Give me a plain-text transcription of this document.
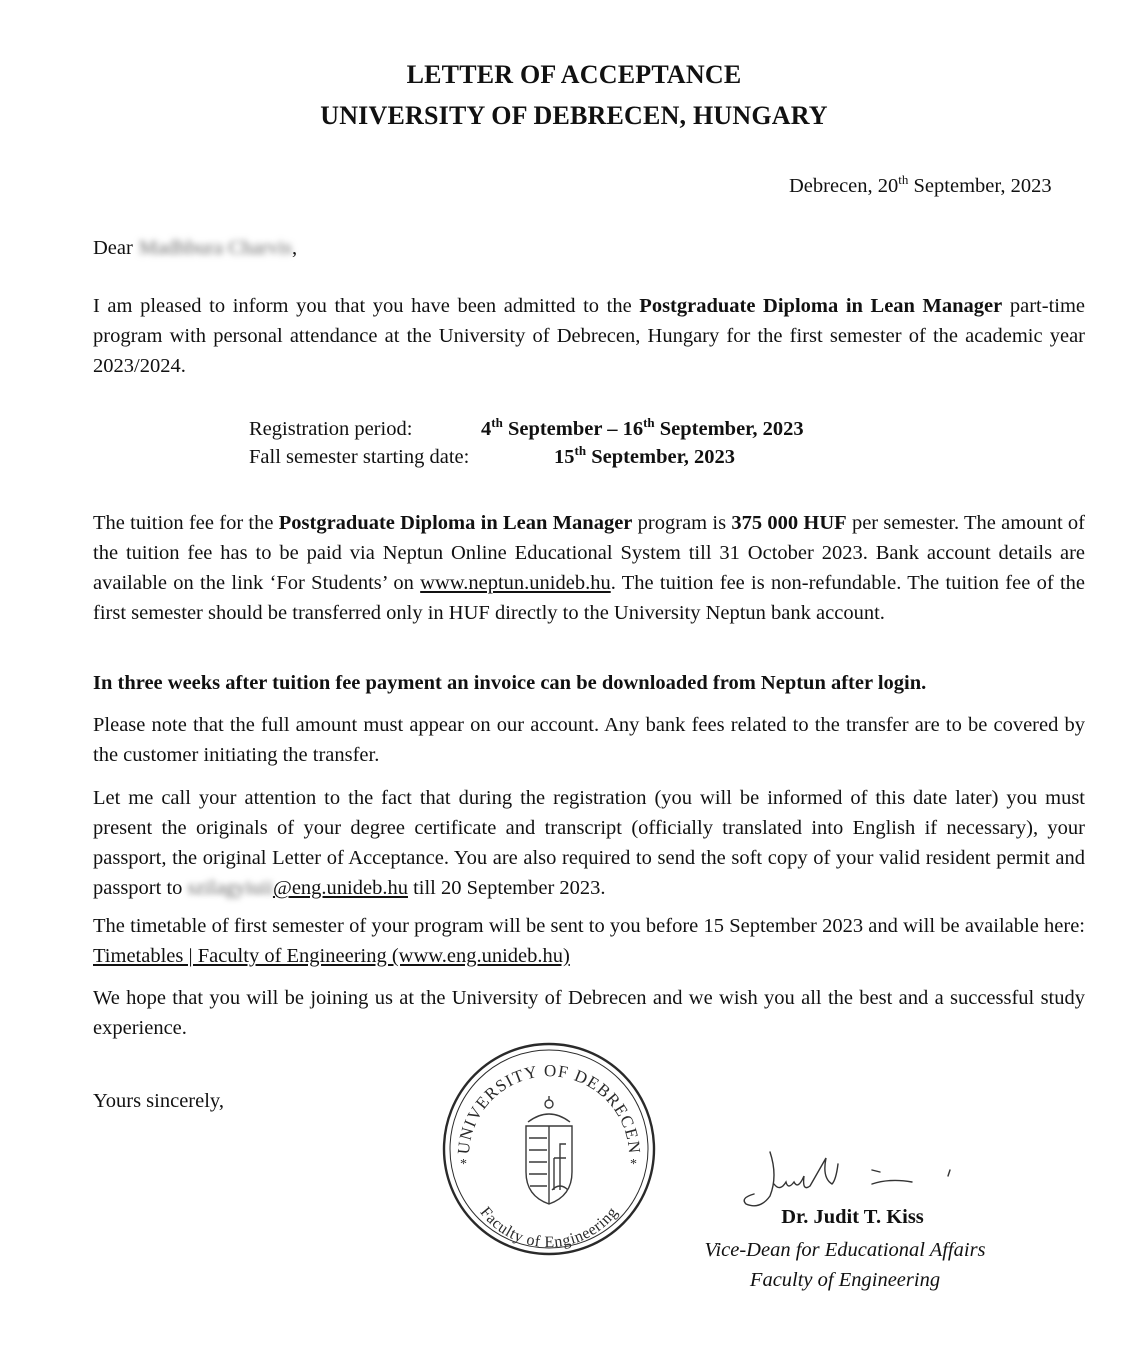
LETTER OF ACCEPTANCE
UNIVERSITY OF DEBRECEN, HUNGARY
Debrecen, 20th September, 2023
Dear Madhbura Charvis,
I am pleased to inform you that you have been admitted to the Postgraduate Diploma in Lean Manager part-time program with personal attendance at the University of Debrecen, Hungary for the first semester of the academic year 2023/2024.
Registration period:	4th September – 16th September, 2023
Fall semester starting date:	15th September, 2023
The tuition fee for the Postgraduate Diploma in Lean Manager program is 375 000 HUF per semester. The amount of the tuition fee has to be paid via Neptun Online Educational System till 31 October 2023. Bank account details are available on the link ‘For Students’ on www.neptun.unideb.hu. The tuition fee is non-refundable. The tuition fee of the first semester should be transferred only in HUF directly to the University Neptun bank account.
In three weeks after tuition fee payment an invoice can be downloaded from Neptun after login.
Please note that the full amount must appear on our account. Any bank fees related to the transfer are to be covered by the customer initiating the transfer.
Let me call your attention to the fact that during the registration (you will be informed of this date later) you must present the originals of your degree certificate and transcript (officially translated into English if necessary), your passport, the original Letter of Acceptance. You are also required to send the soft copy of your valid resident permit and passport to szilagyiuii@eng.unideb.hu till 20 September 2023.
The timetable of first semester of your program will be sent to you before 15 September 2023 and will be available here: Timetables | Faculty of Engineering (www.eng.unideb.hu)
We hope that you will be joining us at the University of Debrecen and we wish you all the best and a successful study experience.
Yours sincerely,
UNIVERSITY OF DEBRECEN
Faculty of Engineering
*	*
Dr. Judit T. Kiss
Vice-Dean for Educational Affairs
Faculty of Engineering
